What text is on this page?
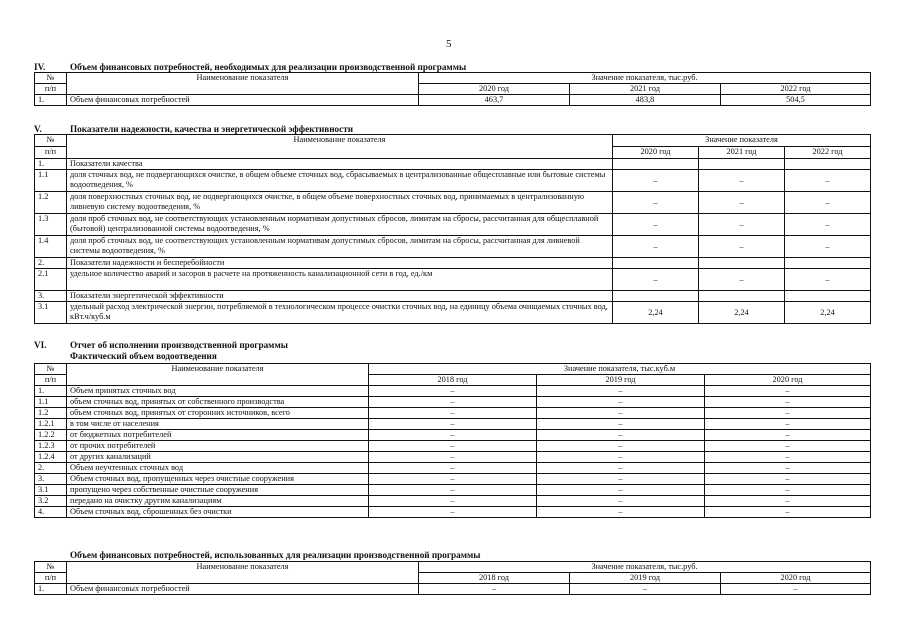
5
IV.	Объем финансовых потребностей, необходимых для реализации производственной программы
№	Наименование показателя	Значение показателя, тыс.руб.		
п/п		2020 год	2021 год	2022 год
1.	Объем финансовых потребностей	463,7	483,8	504,5
V.	Показатели надежности, качества и энергетической эффективности
№	Наименование показателя	Значение показателя		
п/п		2020 год	2021 год	2022 год
1.	Показатели качества			
1.1	доля сточных вод, не подвергающихся очистке, в общем объеме сточных вод, сбрасываемых в централизованные общесплавные или бытовые системы водоотведения, %	–	–	–
1.2	доля поверхностных сточных вод, не подвергающихся очистке, в общем объеме поверхностных сточных вод, принимаемых в централизованную ливневую систему водоотведения, %	–	–	–
1.3	доля проб сточных вод, не соответствующих установленным нормативам допустимых сбросов, лимитам на сбросы, рассчитанная для общесплавной (бытовой) централизованной системы водоотведения, %	–	–	–
1.4	доля проб сточных вод, не соответствующих установленным нормативам допустимых сбросов, лимитам на сбросы, рассчитанная для ливневой системы водоотведения, %	–	–	–
2.	Показатели надежности и бесперебойности			
2.1	удельное количество аварий и засоров в расчете на протяженность канализационной сети в год, ед./км	–	–	–
3.	Показатели энергетической эффективности			
3.1	удельный расход электрической энергии, потребляемой в технологическом процессе очистки сточных вод, на единицу объема очищаемых сточных вод, кВт.ч/куб.м	2,24	2,24	2,24
VI.	Отчет об исполнении производственной программы
Фактический объем водоотведения
№	Наименование показателя	Значение показателя, тыс.куб.м		
п/п		2018 год	2019 год	2020 год
1.	Объем принятых сточных вод	–	–	–
1.1	объем сточных вод, принятых от собственного производства	–	–	–
1.2	объем сточных вод, принятых от сторонних источников, всего	–	–	–
1.2.1	в том числе от населения	–	–	–
1.2.2	от бюджетных потребителей	–	–	–
1.2.3	от прочих потребителей	–	–	–
1.2.4	от других канализаций	–	–	–
2.	Объем неучтенных сточных вод	–	–	–
3.	Объем сточных вод, пропущенных через очистные сооружения	–	–	–
3.1	пропущено через собственные очистные сооружения	–	–	–
3.2	передано на очистку другим канализациям	–	–	–
4.	Объем сточных вод, сброшенных без очистки	–	–	–
Объем финансовых потребностей, использованных для реализации производственной программы
№	Наименование показателя	Значение показателя, тыс.руб.		
п/п		2018 год	2019 год	2020 год
1.	Объем финансовых потребностей	–	–	–
